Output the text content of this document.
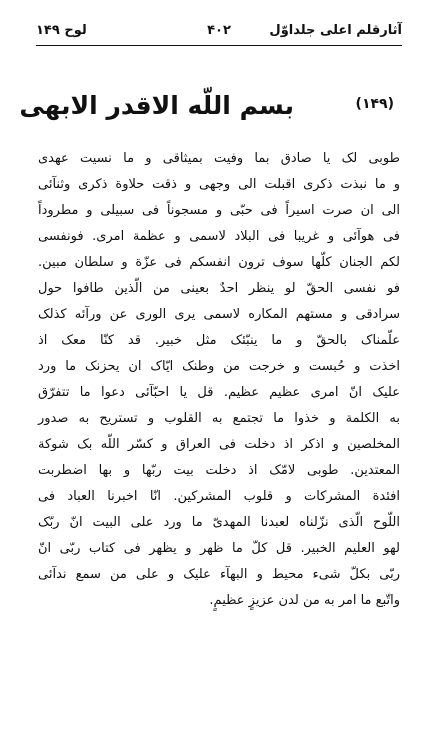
آثارقلم اعلی جلداوّل
۴۰۲
لوح ۱۴۹
(۱۴۹)
بسم اللّه الاقدر الابهی
طوبی لک یا صادق بما وفیت بمیثاقی و ما نسیت عهدی
و ما نبذت ذکری اقبلت الی وجهی و ذقت حلاوة ذکری وثنآئی
الی ان صرت اسیراً فی حبّی و مسجوناً فی سبیلی و مطروداً
فی هوآئی و غریبا فی البلاد لاسمی و عظمة امری. فونفسی
لکم الجنان کلّها سوف ترون انفسکم فی عزّة و سلطان مبین.
فو نفسی الحقّ لو ینظر احدٌ بعینی من الّذین طافوا حول
سرادقی و مستهم المکاره لاسمی یری الوری عن ورآئه کذلک
علّمناک بالحقّ و ما ینبّئک مثل خبیر. قد کنّا معک اذ
اخذت و حُبست و خرجت من وطنک ایّاک ان یحزنک ما ورد
علیک انّ امری عظیم عظیم. قل یا احبّآئی دعوا ما تتفرّق
به الکلمة و خذوا ما تجتمع به القلوب و تستریح به صدور
المخلصین و اذکر اذ دخلت فی العراق و کسّر اللّه بک شوکة
المعتدین. طوبی لامّک اذ دخلت بیت ربّها و بها اضطربت
افئدة المشرکات و قلوب المشرکین. انّا اخبرنا العباد فی
اللّوح الّذی نزّلناه لعبدنا المهدیّ ما ورد علی البیت انّ ربّک
لهو العلیم الخبیر. قل کلّ ما ظهر و یظهر فی کتاب ربّی انّ
ربّی بکلّ شیء محیط و البهآء علیک و علی من سمع ندآئی
واتّبع ما امر به من لدن عزیزٍ عظیمٍ.
